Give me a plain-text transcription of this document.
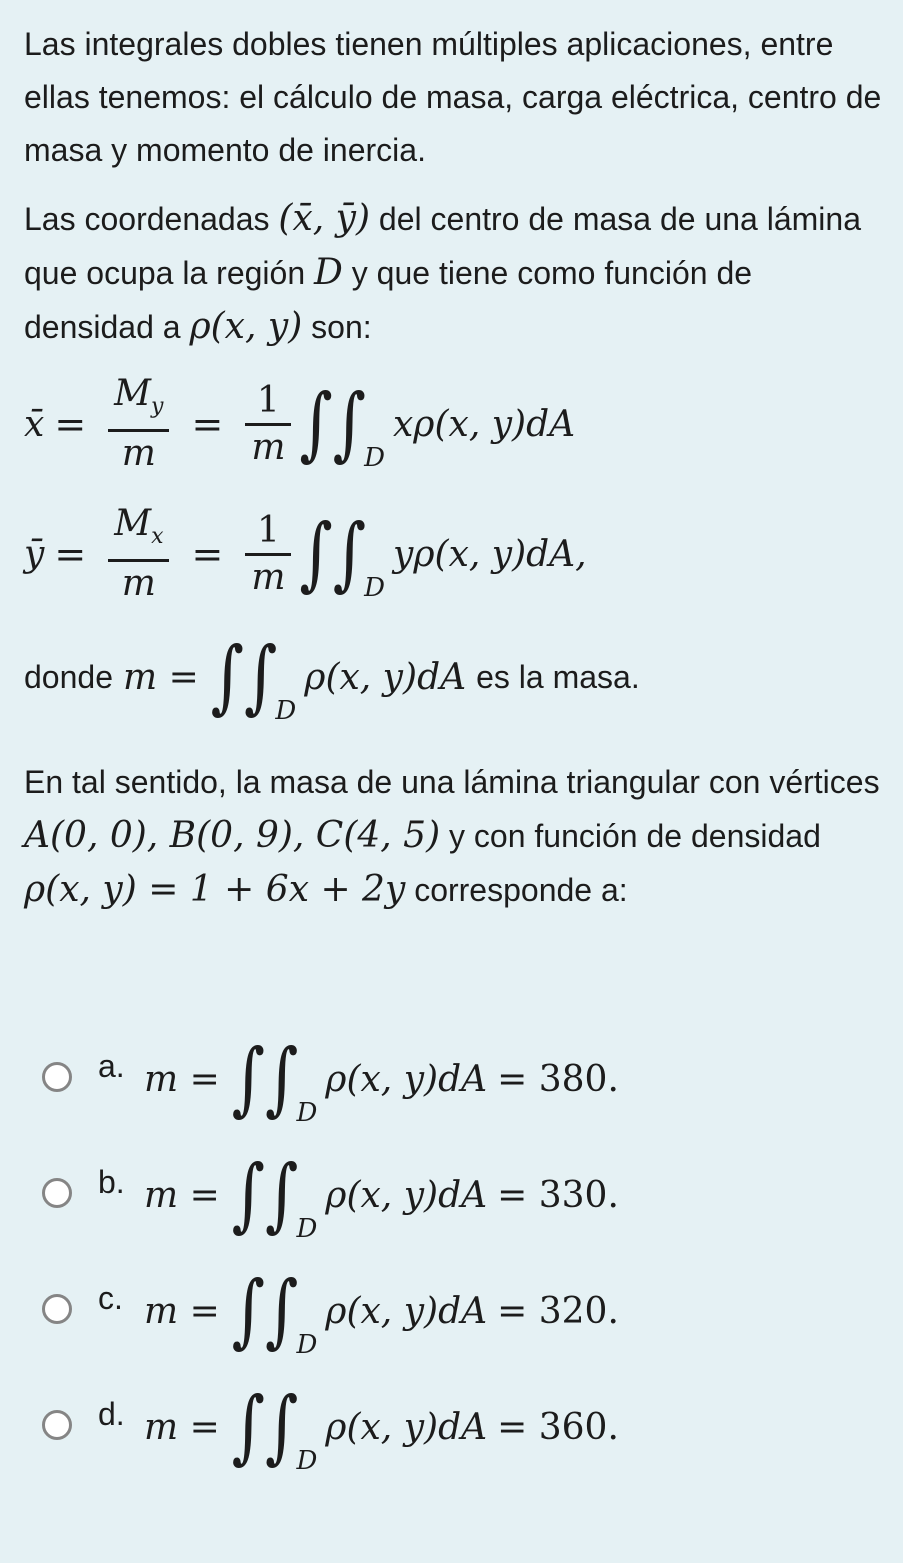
Las integrales dobles tienen múltiples aplicaciones, entre ellas tenemos: el cálculo de masa, carga eléctrica, centro de masa y momento de inercia.

Las coordenadas (x̄, ȳ) del centro de masa de una lámina que ocupa la región D y que tiene como función de densidad a ρ(x, y) son:

x̄ = $\frac{M_y}{m} = \frac{1}{m}$ ∫∫
D
xρ(x, y)dA
ȳ = $\frac{M_x}{m} = \frac{1}{m}$ ∫∫
D
yρ(x, y)dA,
donde m = ∫∫
D
ρ(x, y)dA es la masa.

En tal sentido, la masa de una lámina triangular con vértices A(0, 0), B(0, 9), C(4, 5) y con función de densidad ρ(x, y) = 1 + 6x + 2y corresponde a:

a. m = ∫∫
D
ρ(x, y)dA = 380.
b. m = ∫∫
D
ρ(x, y)dA = 330.
c. m = ∫∫
D
ρ(x, y)dA = 320.
d. m = ∫∫
D
ρ(x, y)dA = 360.
